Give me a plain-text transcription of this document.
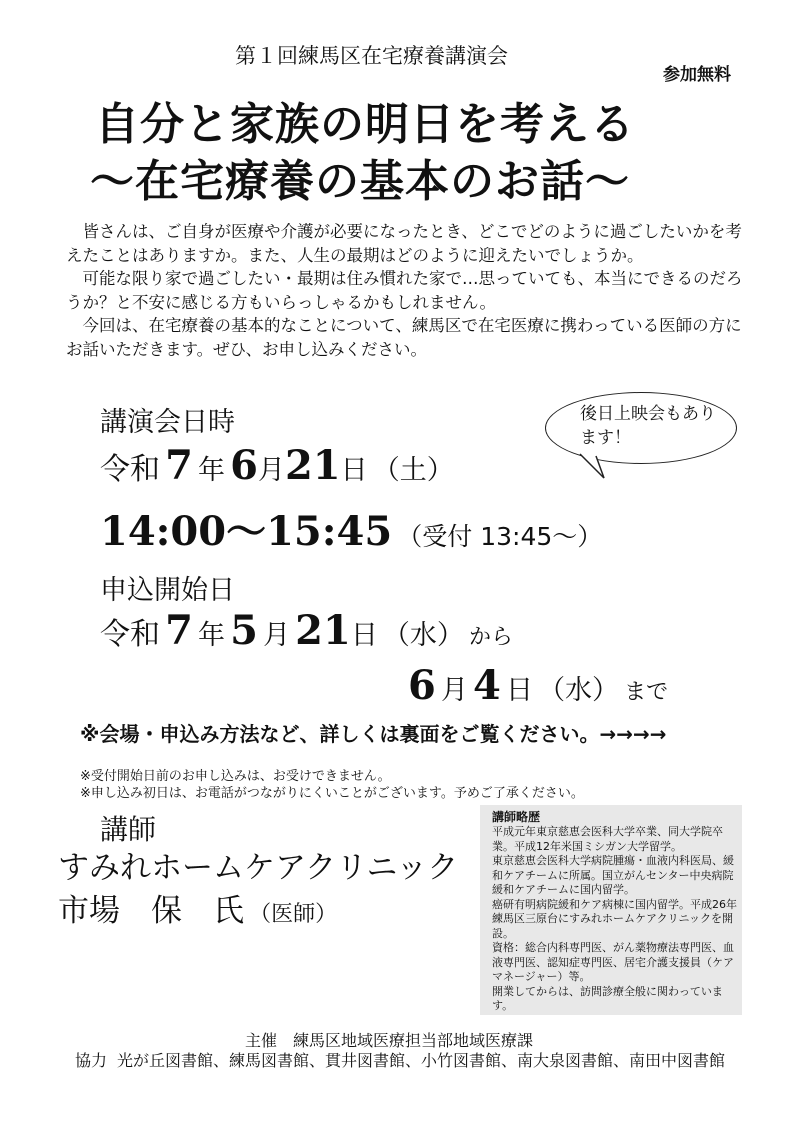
第１回練馬区在宅療養講演会
参加無料
自分と家族の明日を考える
～在宅療養の基本のお話～

皆さんは、ご自身が医療や介護が必要になったとき、どこでどのように過ごしたいかを考えたことはありますか。また、人生の最期はどのように迎えたいでしょうか。

可能な限り家で過ごしたい・最期は住み慣れた家で…思っていても、本当にできるのだろうか？と不安に感じる方もいらっしゃるかもしれません。

今回は、在宅療養の基本的なことについて、練馬区で在宅医療に携わっている医師の方にお話いただきます。ぜひ、お申し込みください。

講演会日時
令和 7 年 6月21日 （土）
14:00～15:45 （受付 13:45～）
後日上映会もあります！
申込開始日
令和 7 年 5 月 21日 （水） から
6 月 4 日 （水） まで
※会場・申込み方法など、詳しくは裏面をご覧ください。→→→→
※受付開始日前のお申し込みは、お受けできません。
※申し込み初日は、お電話がつながりにくいことがございます。予めご了承ください。
講師
すみれホームケアクリニック
市場　保　氏 （医師）
講師略歴

平成元年東京慈恵会医科大学卒業、同大学院卒業。平成12年米国ミシガン大学留学。

東京慈恵会医科大学病院腫瘍・血液内科医局、緩和ケアチームに所属。国立がんセンター中央病院緩和ケアチームに国内留学。

癌研有明病院緩和ケア病棟に国内留学。平成26年練馬区三原台にすみれホームケアクリニックを開設。

資格：総合内科専門医、がん薬物療法専門医、血液専門医、認知症専門医、居宅介護支援員（ケアマネージャー）等。

開業してからは、訪問診療全般に関わっています。

主催　練馬区地域医療担当部地域医療課
協力 光が丘図書館、練馬図書館、貫井図書館、小竹図書館、南大泉図書館、南田中図書館
